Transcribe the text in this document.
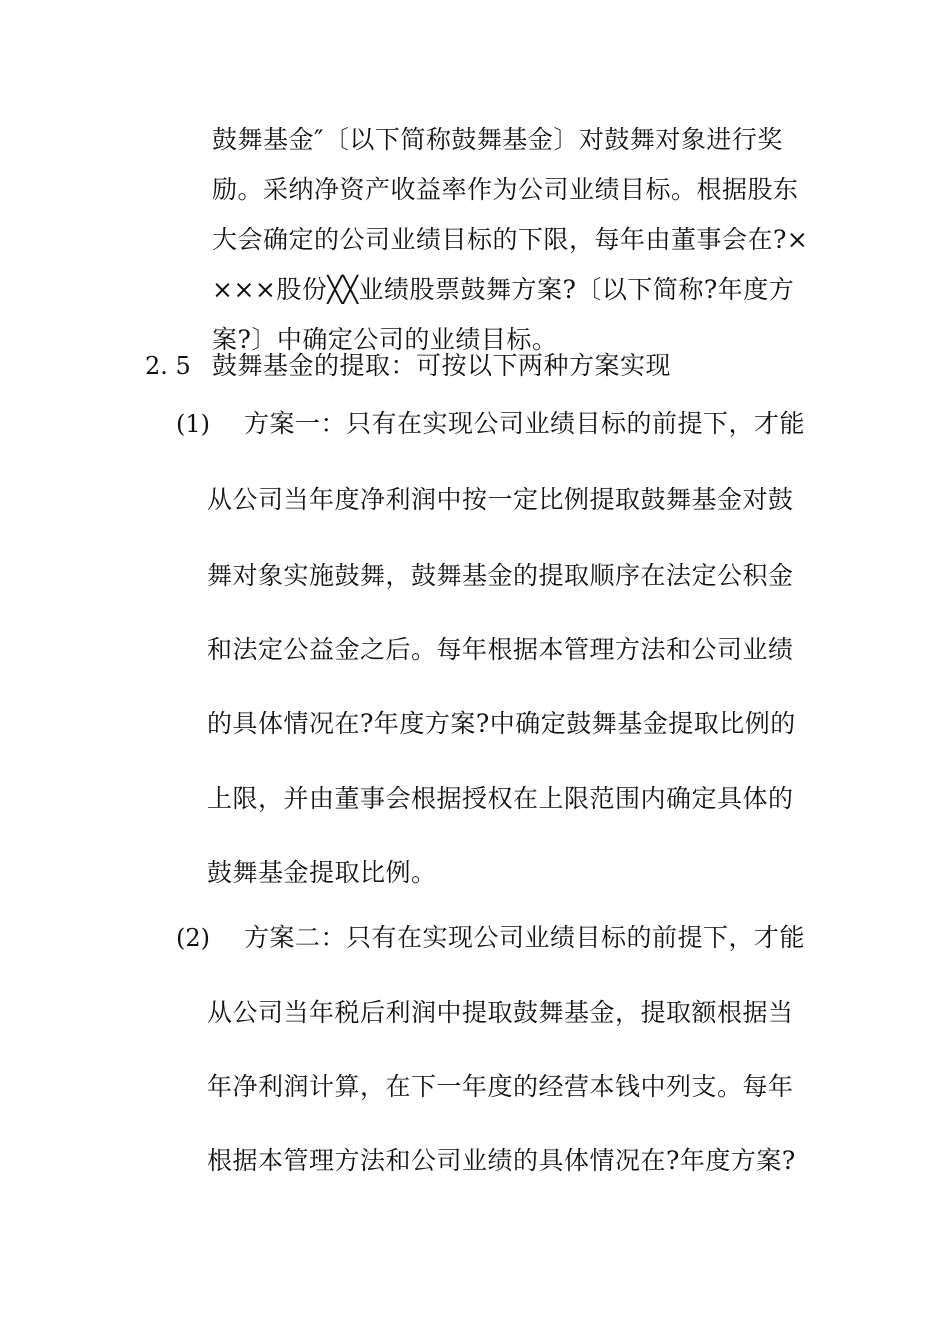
鼓舞基金″〔以下简称鼓舞基金〕对鼓舞对象进行奖
励。采纳净资产收益率作为公司业绩目标。根据股东
大会确定的公司业绩目标的下限，每年由董事会在?×
×××股份╳╳业绩股票鼓舞方案?〔以下简称?年度方
案?〕中确定公司的业绩目标。
2. 5 鼓舞基金的提取：可按以下两种方案实现
(1) 方案一：只有在实现公司业绩目标的前提下，才能
从公司当年度净利润中按一定比例提取鼓舞基金对鼓
舞对象实施鼓舞，鼓舞基金的提取顺序在法定公积金
和法定公益金之后。每年根据本管理方法和公司业绩
的具体情况在?年度方案?中确定鼓舞基金提取比例的
上限，并由董事会根据授权在上限范围内确定具体的
鼓舞基金提取比例。
(2) 方案二：只有在实现公司业绩目标的前提下，才能
从公司当年税后利润中提取鼓舞基金，提取额根据当
年净利润计算，在下一年度的经营本钱中列支。每年
根据本管理方法和公司业绩的具体情况在?年度方案?
